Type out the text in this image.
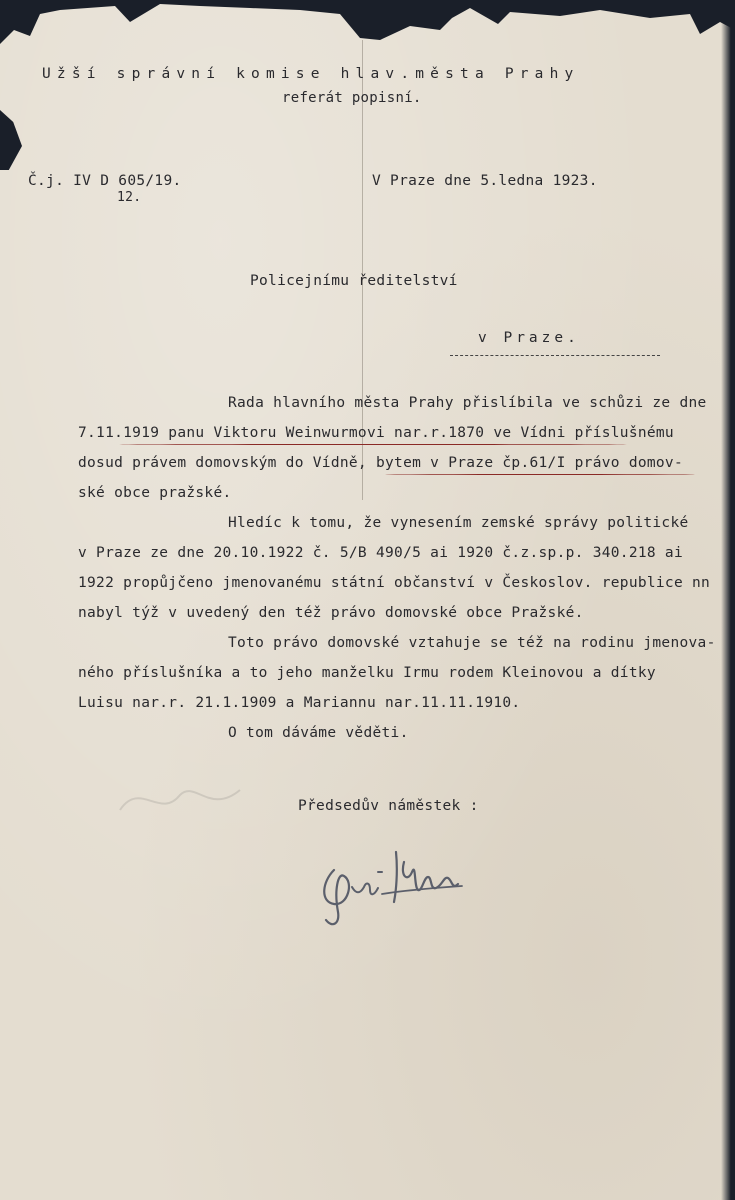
Užší správní komise hlav.města Prahy
referát popisní.
Č.j. IV D 605/19.
12.
V Praze dne 5.ledna 1923.
Policejnímu ředitelství
v Praze.
Rada hlavního města Prahy přislíbila ve schůzi ze dne
7.11.1919 panu Viktoru Weinwurmovi nar.r.1870 ve Vídni příslušnému
dosud právem domovským do Vídně, bytem v Praze čp.61/I právo domov-
ské obce pražské.
Hledíc k tomu, že vynesením zemské správy politické
v Praze ze dne 20.10.1922 č. 5/B 490/5 ai 1920 č.z.sp.p. 340.218 ai
1922 propůjčeno jmenovanému státní občanství v Českoslov. republice nn
nabyl týž v uvedený den též právo domovské obce Pražské.
Toto právo domovské vztahuje se též na rodinu jmenova-
ného příslušníka a to jeho manželku Irmu rodem Kleinovou a dítky
Luisu nar.r. 21.1.1909 a Mariannu nar.11.11.1910.
O tom dáváme věděti.
Předsedův náměstek :
